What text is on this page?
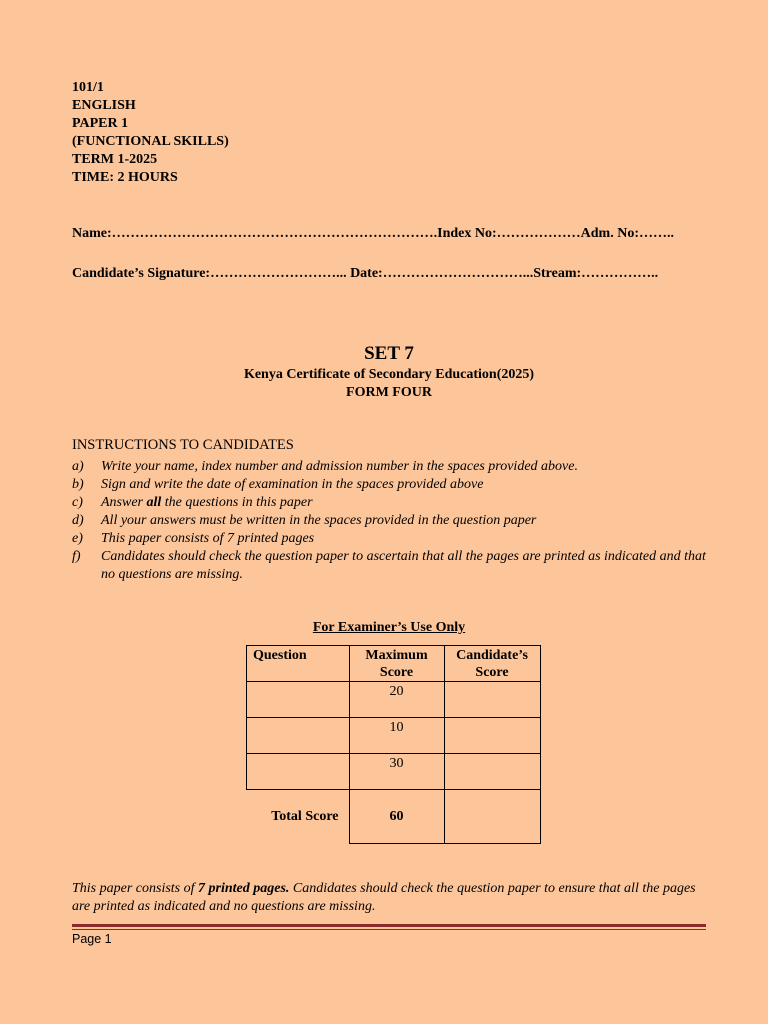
101/1
ENGLISH
PAPER 1
(FUNCTIONAL SKILLS)
TERM 1-2025
TIME: 2 HOURS
Name:…………………………………………………………….Index No:………………Adm. No:……..
Candidate’s Signature:………………………... Date:…………………………...Stream:……………..
SET 7
Kenya Certificate of Secondary Education(2025)
FORM FOUR
INSTRUCTIONS TO CANDIDATES
a)	Write your name, index number and admission number in the spaces provided above.
b)	Sign and write the date of examination in the spaces provided above
c)	Answer all the questions in this paper
d)	All your answers must be written in the spaces provided in the question paper
e)	This paper consists of 7 printed pages
f)	Candidates should check the question paper to ascertain that all the pages are printed as indicated and that no questions are missing.
For Examiner’s Use Only
Question	Maximum Score	Candidate’s Score
	20	
	10	
	30	
Total Score	60	
This paper consists of 7 printed pages. Candidates should check the question paper to ensure that all the pages are printed as indicated and no questions are missing.
Page 1
